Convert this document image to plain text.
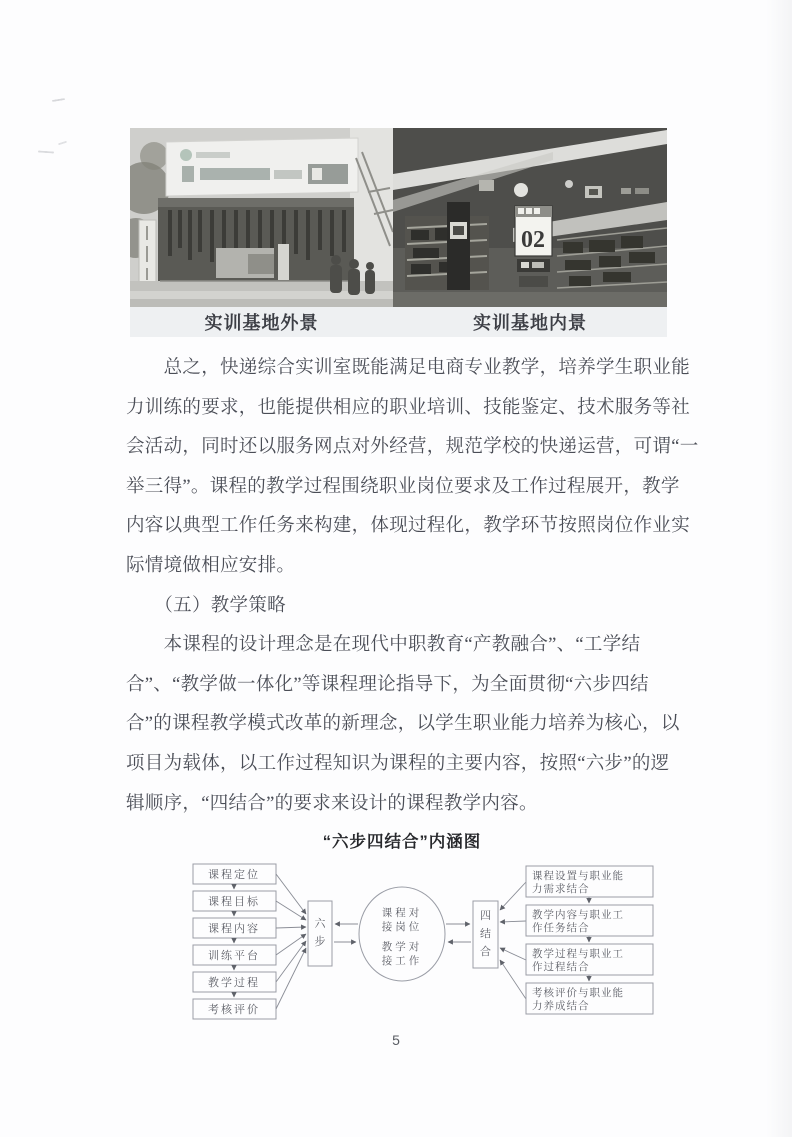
02
实训基地外景	实训基地内景
　　总之，快递综合实训室既能满足电商专业教学，培养学生职业能
力训练的要求，也能提供相应的职业培训、技能鉴定、技术服务等社
会活动，同时还以服务网点对外经营，规范学校的快递运营，可谓“一
举三得”。课程的教学过程围绕职业岗位要求及工作过程展开，教学
内容以典型工作任务来构建，体现过程化，教学环节按照岗位作业实
际情境做相应安排。
　　（五）教学策略
　　本课程的设计理念是在现代中职教育“产教融合”、“工学结
合”、“教学做一体化”等课程理论指导下，为全面贯彻“六步四结
合”的课程教学模式改革的新理念，以学生职业能力培养为核心，以
项目为载体，以工作过程知识为课程的主要内容，按照“六步”的逻
辑顺序，“四结合”的要求来设计的课程教学内容。
“六步四结合”内涵图
课程定位
课程目标
课程内容
训练平台
教学过程
考核评价
六
步
课程对
接岗位
教学对
接工作
四
结
合
课程设置与职业能
力需求结合
教学内容与职业工
作任务结合
教学过程与职业工
作过程结合
考核评价与职业能
力养成结合
5
